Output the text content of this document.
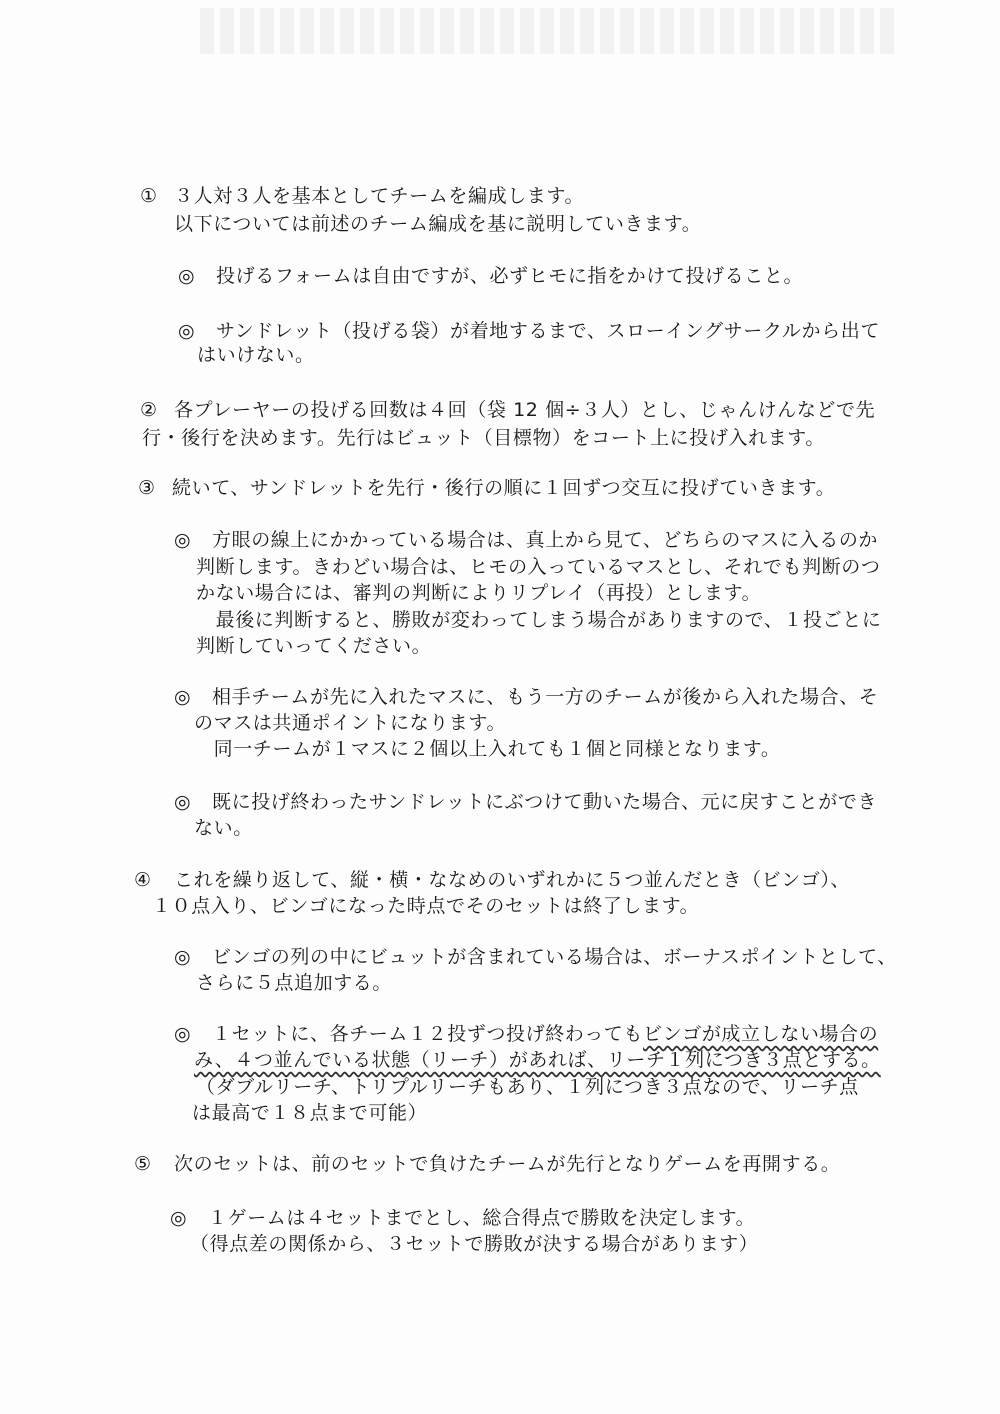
① ３人対３人を基本としてチームを編成します。
以下については前述のチーム編成を基に説明していきます。
◎ 投げるフォームは自由ですが、必ずヒモに指をかけて投げること。
◎ サンドレット（投げる袋）が着地するまで、スローイングサークルから出て
はいけない。
② 各プレーヤーの投げる回数は４回（袋 12 個÷３人）とし、じゃんけんなどで先
行・後行を決めます。先行はビュット（目標物）をコート上に投げ入れます。
③ 続いて、サンドレットを先行・後行の順に１回ずつ交互に投げていきます。
◎ 方眼の線上にかかっている場合は、真上から見て、どちらのマスに入るのか
判断します。きわどい場合は、ヒモの入っているマスとし、それでも判断のつ
かない場合には、審判の判断によりリプレイ（再投）とします。
　最後に判断すると、勝敗が変わってしまう場合がありますので、１投ごとに
判断していってください。
◎ 相手チームが先に入れたマスに、もう一方のチームが後から入れた場合、そ
のマスは共通ポイントになります。
　同一チームが１マスに２個以上入れても１個と同様となります。
◎ 既に投げ終わったサンドレットにぶつけて動いた場合、元に戻すことができ
ない。
④ これを繰り返して、縦・横・ななめのいずれかに５つ並んだとき（ビンゴ）、
１０点入り、ビンゴになった時点でそのセットは終了します。
◎ ビンゴの列の中にビュットが含まれている場合は、ボーナスポイントとして、
さらに５点追加する。
◎ １セットに、各チーム１２投ずつ投げ終わってもビンゴが成立しない場合の
み、４つ並んでいる状態（リーチ）があれば、リーチ１列につき３点とする。
（ダブルリーチ、トリプルリーチもあり、１列につき３点なので、リーチ点
は最高で１８点まで可能）
⑤ 次のセットは、前のセットで負けたチームが先行となりゲームを再開する。
◎ １ゲームは４セットまでとし、総合得点で勝敗を決定します。
（得点差の関係から、３セットで勝敗が決する場合があります）
